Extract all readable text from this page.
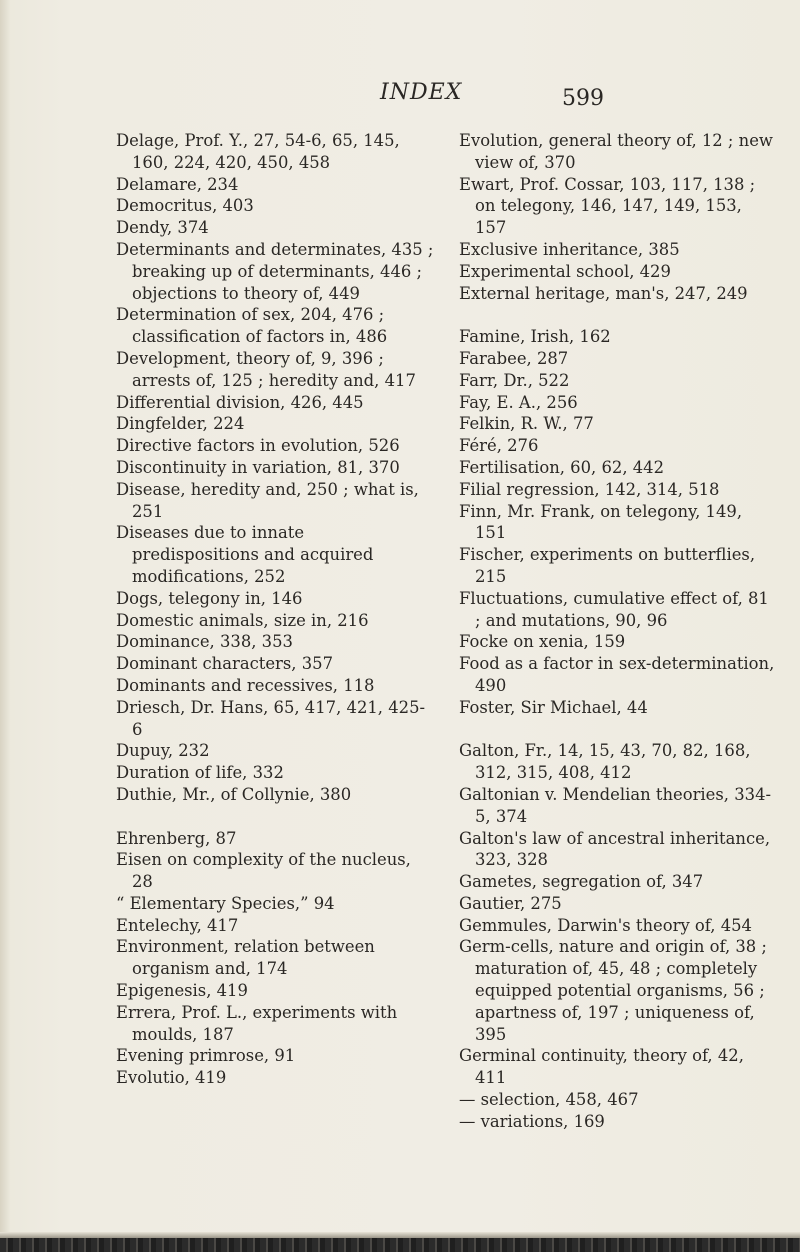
INDEX	599
Delage, Prof. Y., 27, 54-6, 65, 145, 160, 224, 420, 450, 458
Delamare, 234
Democritus, 403
Dendy, 374
Determinants and determinates, 435 ; breaking up of determinants, 446 ; objections to theory of, 449
Determination of sex, 204, 476 ; classification of factors in, 486
Development, theory of, 9, 396 ; arrests of, 125 ; heredity and, 417
Differential division, 426, 445
Dingfelder, 224
Directive factors in evolution, 526
Discontinuity in variation, 81, 370
Disease, heredity and, 250 ; what is, 251
Diseases due to innate predispositions and acquired modifications, 252
Dogs, telegony in, 146
Domestic animals, size in, 216
Dominance, 338, 353
Dominant characters, 357
Dominants and recessives, 118
Driesch, Dr. Hans, 65, 417, 421, 425-6
Dupuy, 232
Duration of life, 332
Duthie, Mr., of Collynie, 380
Ehrenberg, 87
Eisen on complexity of the nucleus, 28
“ Elementary Species,” 94
Entelechy, 417
Environment, relation between organism and, 174
Epigenesis, 419
Errera, Prof. L., experiments with moulds, 187
Evening primrose, 91
Evolutio, 419
Evolution, general theory of, 12 ; new view of, 370
Ewart, Prof. Cossar, 103, 117, 138 ; on telegony, 146, 147, 149, 153, 157
Exclusive inheritance, 385
Experimental school, 429
External heritage, man's, 247, 249
Famine, Irish, 162
Farabee, 287
Farr, Dr., 522
Fay, E. A., 256
Felkin, R. W., 77
Féré, 276
Fertilisation, 60, 62, 442
Filial regression, 142, 314, 518
Finn, Mr. Frank, on telegony, 149, 151
Fischer, experiments on butterflies, 215
Fluctuations, cumulative effect of, 81 ; and mutations, 90, 96
Focke on xenia, 159
Food as a factor in sex-determination, 490
Foster, Sir Michael, 44
Galton, Fr., 14, 15, 43, 70, 82, 168, 312, 315, 408, 412
Galtonian v. Mendelian theories, 334-5, 374
Galton's law of ancestral inheritance, 323, 328
Gametes, segregation of, 347
Gautier, 275
Gemmules, Darwin's theory of, 454
Germ-cells, nature and origin of, 38 ; maturation of, 45, 48 ; completely equipped potential organisms, 56 ; apartness of, 197 ; uniqueness of, 395
Germinal continuity, theory of, 42, 411
— selection, 458, 467
— variations, 169
